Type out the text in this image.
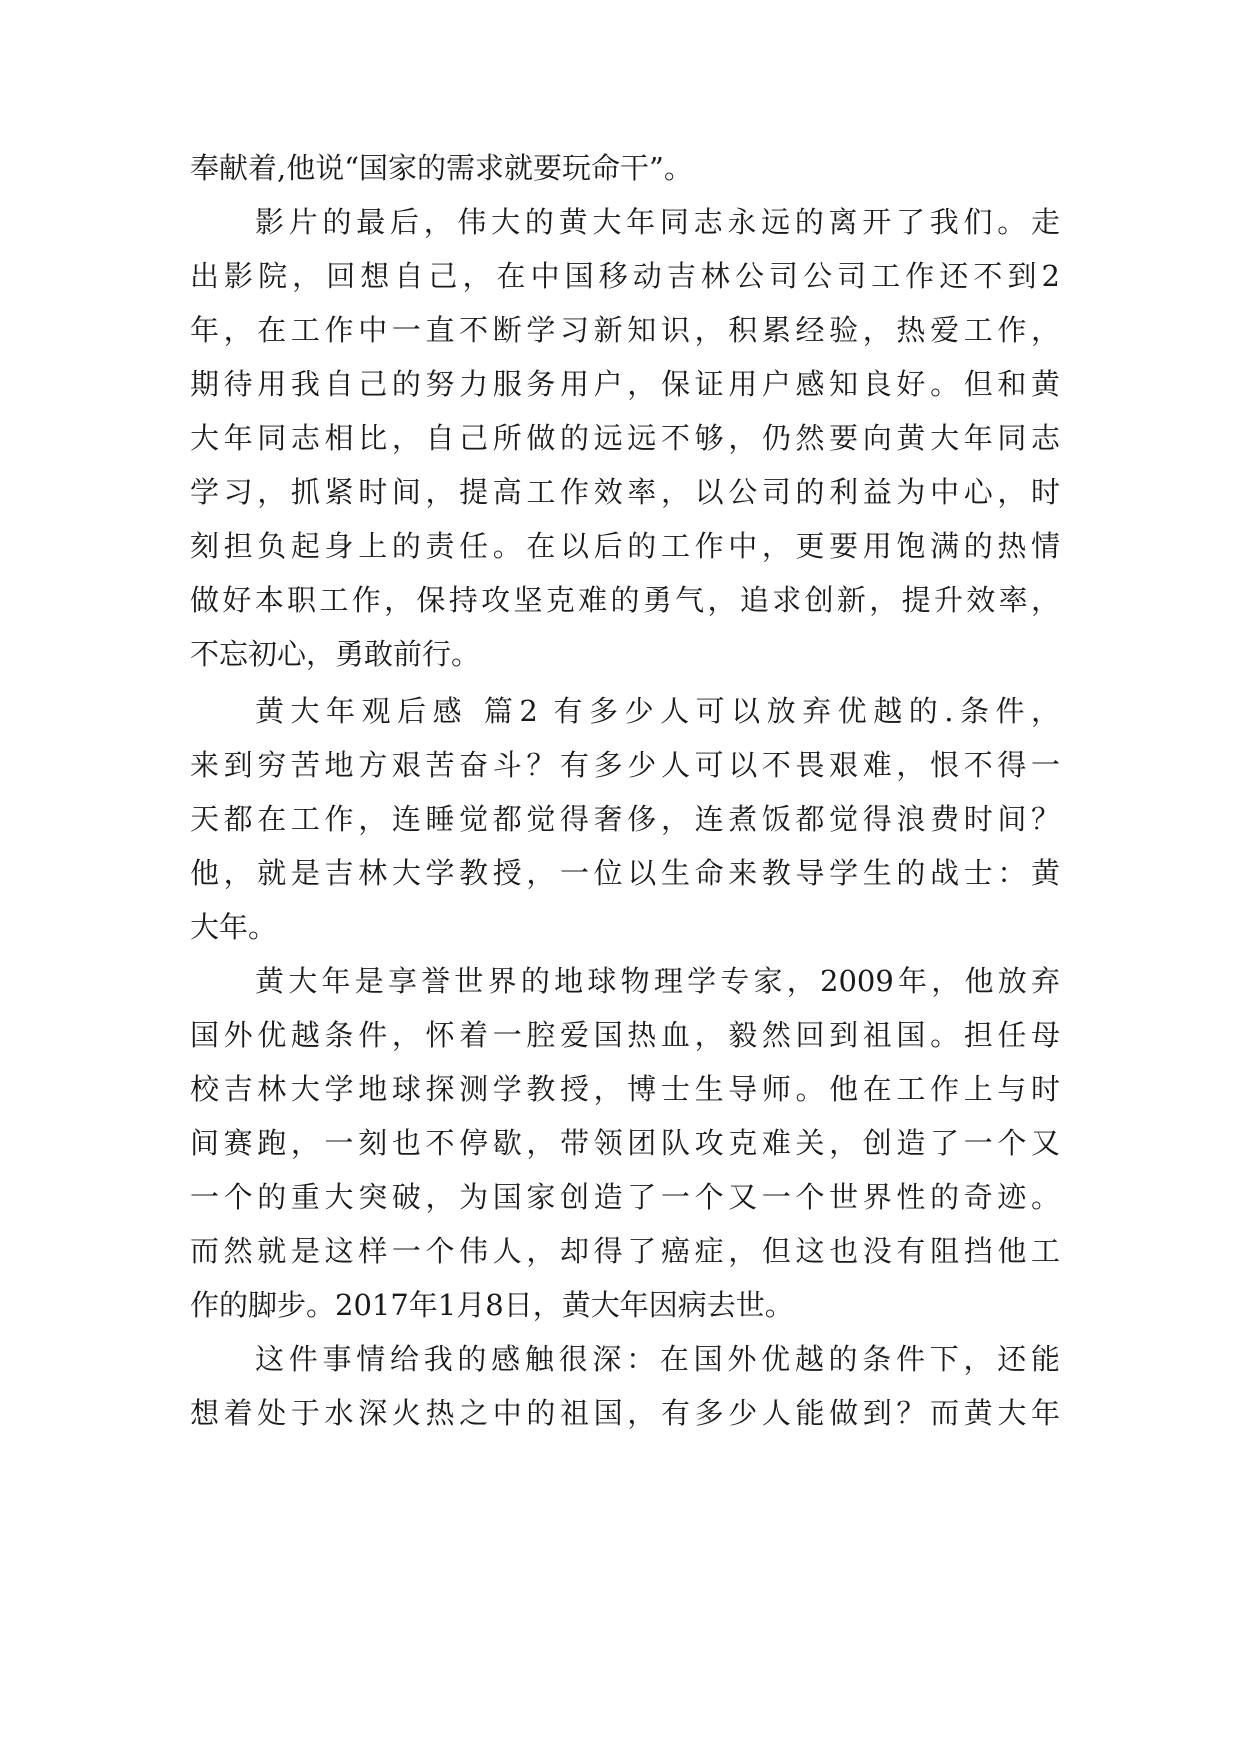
奉献着,他说“国家的需求就要玩命干”。

影片的最后，伟大的黄大年同志永远的离开了我们。走

出影院，回想自己，在中国移动吉林公司公司工作还不到2

年，在工作中一直不断学习新知识，积累经验，热爱工作，

期待用我自己的努力服务用户，保证用户感知良好。但和黄

大年同志相比，自己所做的远远不够，仍然要向黄大年同志

学习，抓紧时间，提高工作效率，以公司的利益为中心，时

刻担负起身上的责任。在以后的工作中，更要用饱满的热情

做好本职工作，保持攻坚克难的勇气，追求创新，提升效率，

不忘初心，勇敢前行。

黄大年观后感 篇2 有多少人可以放弃优越的.条件，

来到穷苦地方艰苦奋斗？有多少人可以不畏艰难，恨不得一

天都在工作，连睡觉都觉得奢侈，连煮饭都觉得浪费时间？

他，就是吉林大学教授，一位以生命来教导学生的战士：黄

大年。

黄大年是享誉世界的地球物理学专家，2009年，他放弃

国外优越条件，怀着一腔爱国热血，毅然回到祖国。担任母

校吉林大学地球探测学教授，博士生导师。他在工作上与时

间赛跑，一刻也不停歇，带领团队攻克难关，创造了一个又

一个的重大突破，为国家创造了一个又一个世界性的奇迹。

而然就是这样一个伟人，却得了癌症，但这也没有阻挡他工

作的脚步。2017年1月8日，黄大年因病去世。

这件事情给我的感触很深：在国外优越的条件下，还能

想着处于水深火热之中的祖国，有多少人能做到？而黄大年
